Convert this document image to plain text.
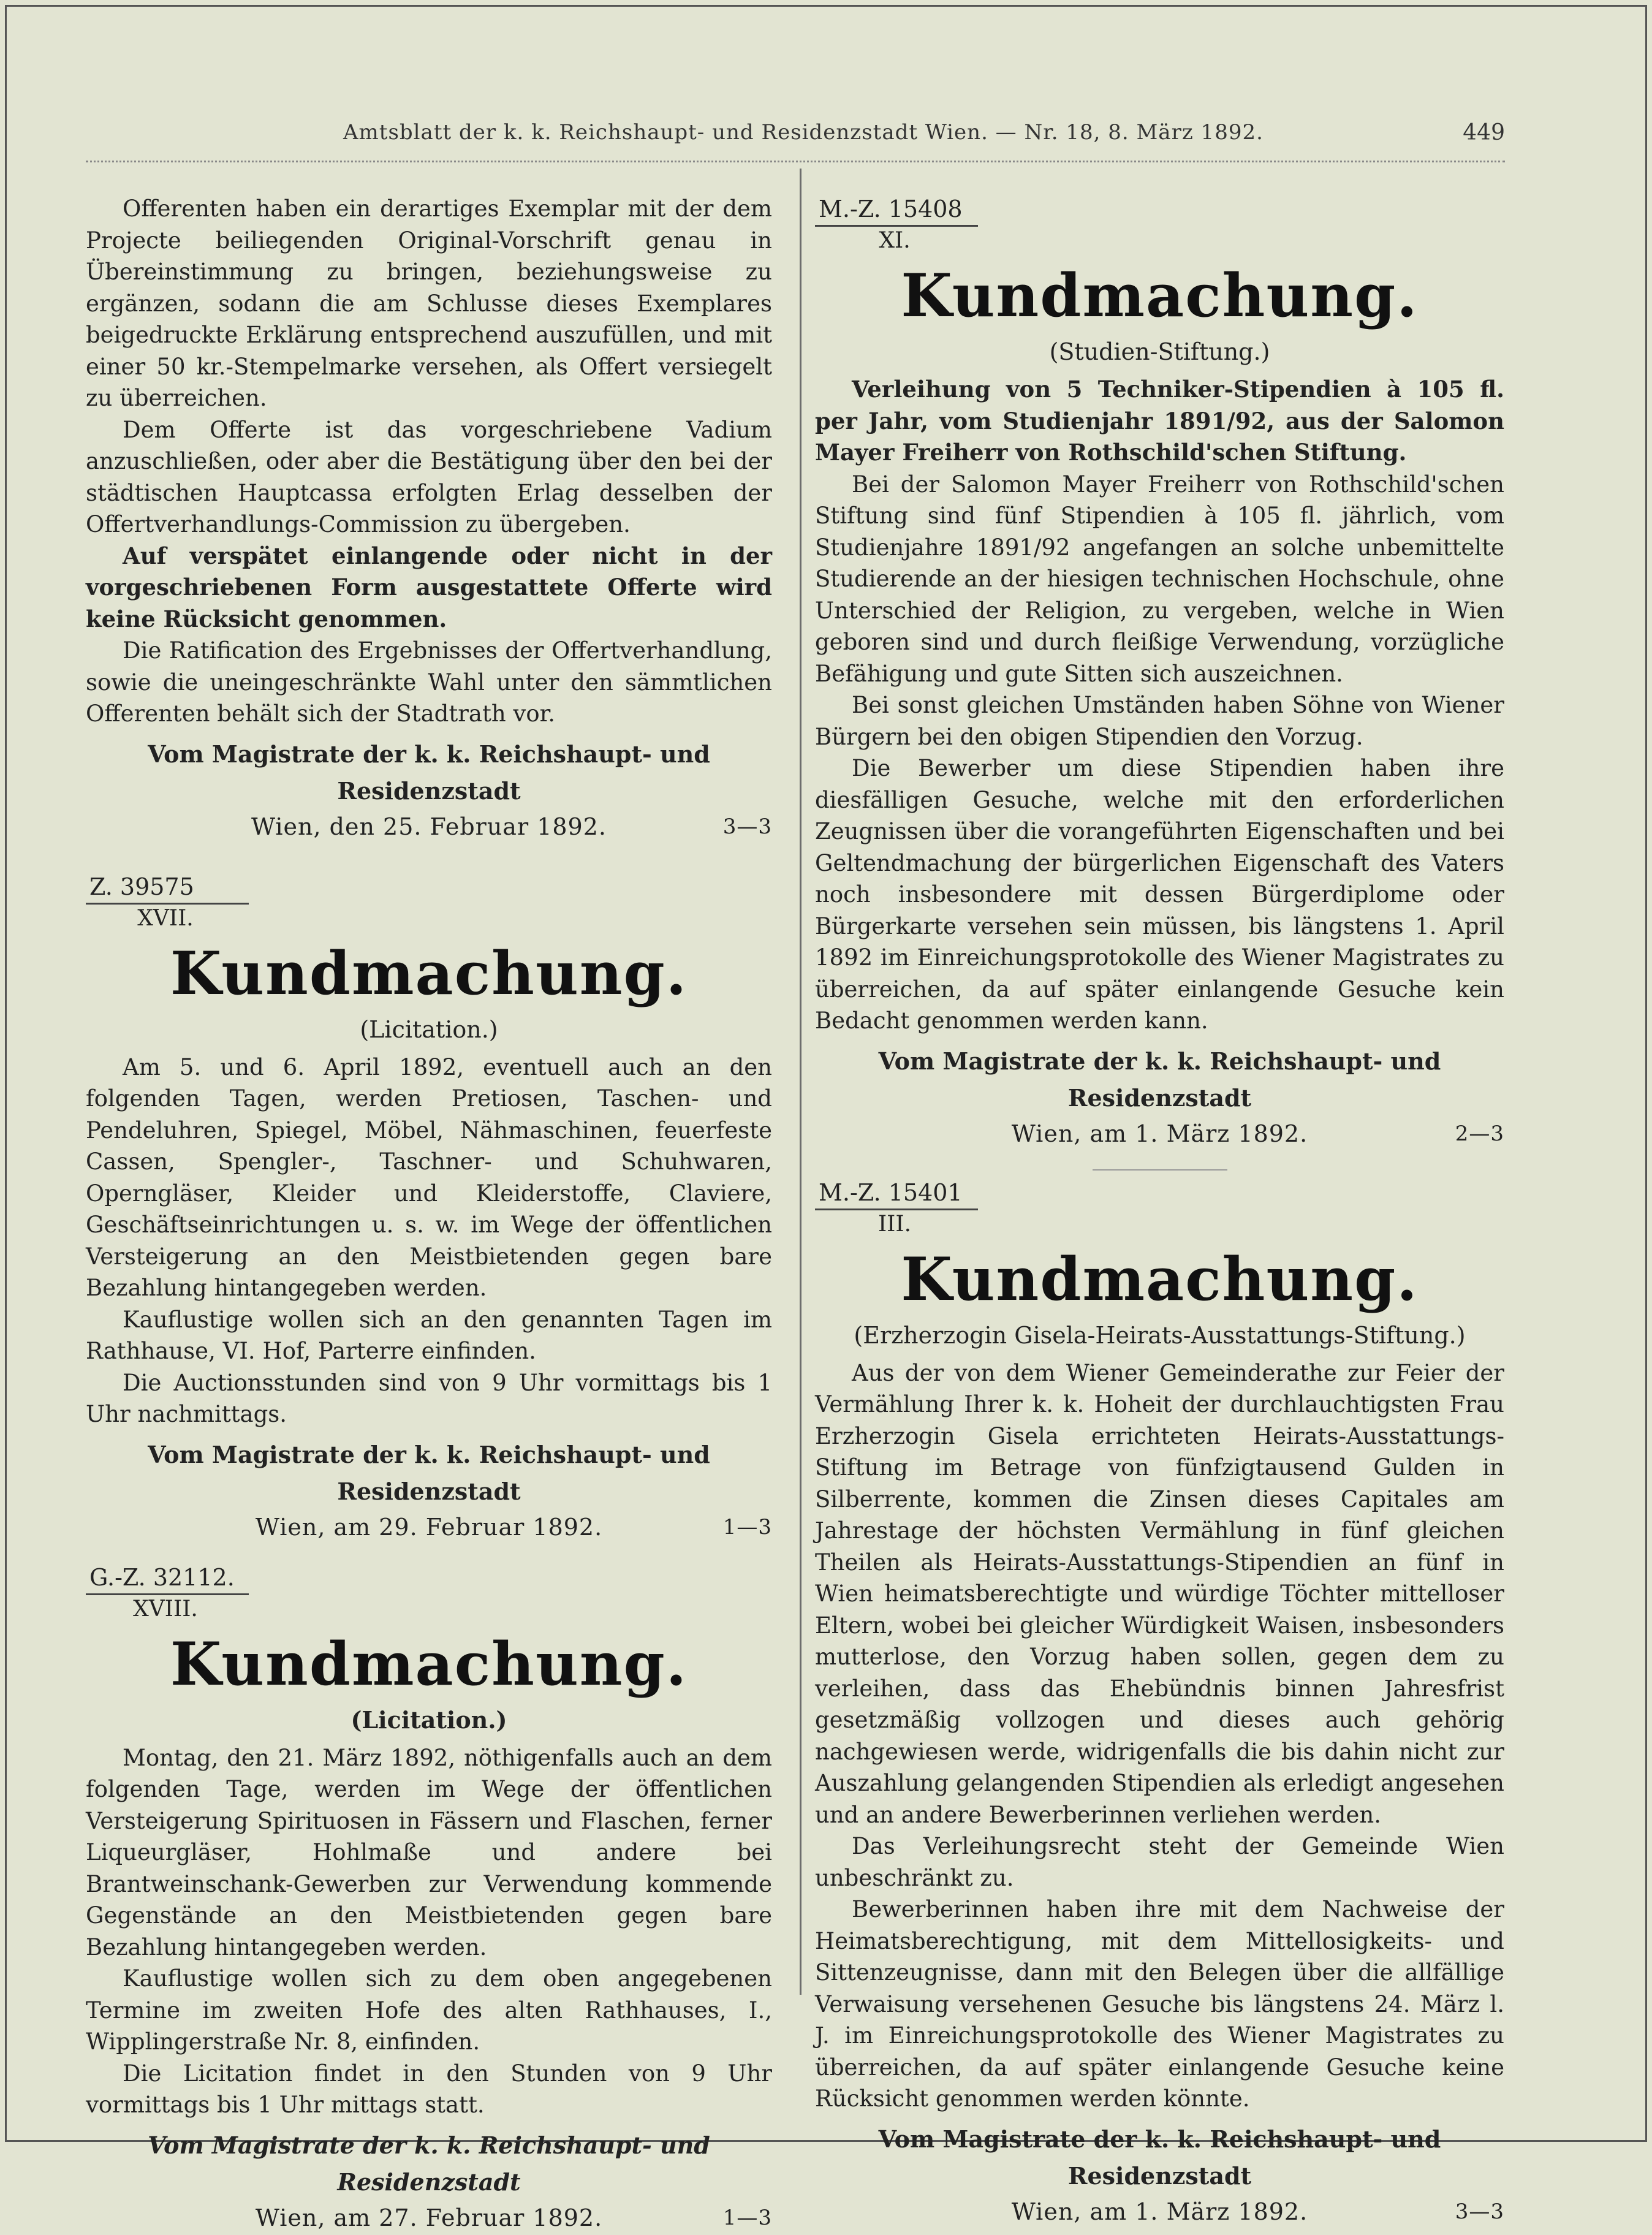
Amtsblatt der k. k. Reichshaupt- und Residenzstadt Wien. — Nr. 18, 8. März 1892.	449

Offerenten haben ein derartiges Exemplar mit der dem Projecte beiliegenden Original-Vorschrift genau in Übereinstimmung zu bringen, beziehungsweise zu ergänzen, sodann die am Schlusse dieses Exemplares beigedruckte Erklärung entsprechend auszufüllen, und mit einer 50 kr.-Stempelmarke versehen, als Offert versiegelt zu überreichen.

Dem Offerte ist das vorgeschriebene Vadium anzuschließen, oder aber die Bestätigung über den bei der städtischen Hauptcassa erfolgten Erlag desselben der Offertverhandlungs-Commission zu übergeben.

Auf verspätet einlangende oder nicht in der vorgeschriebenen Form ausgestattete Offerte wird keine Rücksicht genommen.

Die Ratification des Ergebnisses der Offertverhandlung, sowie die uneingeschränkte Wahl unter den sämmtlichen Offerenten behält sich der Stadtrath vor.

Vom Magistrate der k. k. Reichshaupt- und Residenzstadt
Wien, den 25. Februar 1892.	3—3
Z. 39575
XVII.
Kundmachung.
(Licitation.)

Am 5. und 6. April 1892, eventuell auch an den folgenden Tagen, werden Pretiosen, Taschen- und Pendeluhren, Spiegel, Möbel, Nähmaschinen, feuerfeste Cassen, Spengler-, Taschner- und Schuhwaren, Operngläser, Kleider und Kleiderstoffe, Claviere, Geschäftseinrichtungen u. s. w. im Wege der öffentlichen Versteigerung an den Meistbietenden gegen bare Bezahlung hintangegeben werden.

Kauflustige wollen sich an den genannten Tagen im Rathhause, VI. Hof, Parterre einfinden.

Die Auctionsstunden sind von 9 Uhr vormittags bis 1 Uhr nachmittags.

Vom Magistrate der k. k. Reichshaupt- und Residenzstadt
Wien, am 29. Februar 1892.	1—3
G.-Z. 32112.
XVIII.
Kundmachung.
(Licitation.)

Montag, den 21. März 1892, nöthigenfalls auch an dem folgenden Tage, werden im Wege der öffentlichen Versteigerung Spirituosen in Fässern und Flaschen, ferner Liqueurgläser, Hohlmaße und andere bei Brantweinschank-Gewerben zur Verwendung kommende Gegenstände an den Meistbietenden gegen bare Bezahlung hintangegeben werden.

Kauflustige wollen sich zu dem oben angegebenen Termine im zweiten Hofe des alten Rathhauses, I., Wipplingerstraße Nr. 8, einfinden.

Die Licitation findet in den Stunden von 9 Uhr vormittags bis 1 Uhr mittags statt.

Vom Magistrate der k. k. Reichshaupt- und Residenzstadt
Wien, am 27. Februar 1892.	1—3
M.-Z. 15408
XI.
Kundmachung.
(Studien-Stiftung.)

Verleihung von 5 Techniker-Stipendien à 105 fl. per Jahr, vom Studienjahr 1891/92, aus der Salomon Mayer Freiherr von Rothschild'schen Stiftung.

Bei der Salomon Mayer Freiherr von Rothschild'schen Stiftung sind fünf Stipendien à 105 fl. jährlich, vom Studienjahre 1891/92 angefangen an solche unbemittelte Studierende an der hiesigen technischen Hochschule, ohne Unterschied der Religion, zu vergeben, welche in Wien geboren sind und durch fleißige Verwendung, vorzügliche Befähigung und gute Sitten sich auszeichnen.

Bei sonst gleichen Umständen haben Söhne von Wiener Bürgern bei den obigen Stipendien den Vorzug.

Die Bewerber um diese Stipendien haben ihre diesfälligen Gesuche, welche mit den erforderlichen Zeugnissen über die vorangeführten Eigenschaften und bei Geltendmachung der bürgerlichen Eigenschaft des Vaters noch insbesondere mit dessen Bürgerdiplome oder Bürgerkarte versehen sein müssen, bis längstens 1. April 1892 im Einreichungsprotokolle des Wiener Magistrates zu überreichen, da auf später einlangende Gesuche kein Bedacht genommen werden kann.

Vom Magistrate der k. k. Reichshaupt- und Residenzstadt
Wien, am 1. März 1892.	2—3
M.-Z. 15401
III.
Kundmachung.
(Erzherzogin Gisela-Heirats-Ausstattungs-Stiftung.)

Aus der von dem Wiener Gemeinderathe zur Feier der Vermählung Ihrer k. k. Hoheit der durchlauchtigsten Frau Erzherzogin Gisela errichteten Heirats-Ausstattungs-Stiftung im Betrage von fünfzigtausend Gulden in Silberrente, kommen die Zinsen dieses Capitales am Jahrestage der höchsten Vermählung in fünf gleichen Theilen als Heirats-Ausstattungs-Stipendien an fünf in Wien heimatsberechtigte und würdige Töchter mittelloser Eltern, wobei bei gleicher Würdigkeit Waisen, insbesonders mutterlose, den Vorzug haben sollen, gegen dem zu verleihen, dass das Ehebündnis binnen Jahresfrist gesetzmäßig vollzogen und dieses auch gehörig nachgewiesen werde, widrigenfalls die bis dahin nicht zur Auszahlung gelangenden Stipendien als erledigt angesehen und an andere Bewerberinnen verliehen werden.

Das Verleihungsrecht steht der Gemeinde Wien unbeschränkt zu.

Bewerberinnen haben ihre mit dem Nachweise der Heimatsberechtigung, mit dem Mittellosigkeits- und Sittenzeugnisse, dann mit den Belegen über die allfällige Verwaisung versehenen Gesuche bis längstens 24. März l. J. im Einreichungsprotokolle des Wiener Magistrates zu überreichen, da auf später einlangende Gesuche keine Rücksicht genommen werden könnte.

Vom Magistrate der k. k. Reichshaupt- und Residenzstadt
Wien, am 1. März 1892.	3—3
